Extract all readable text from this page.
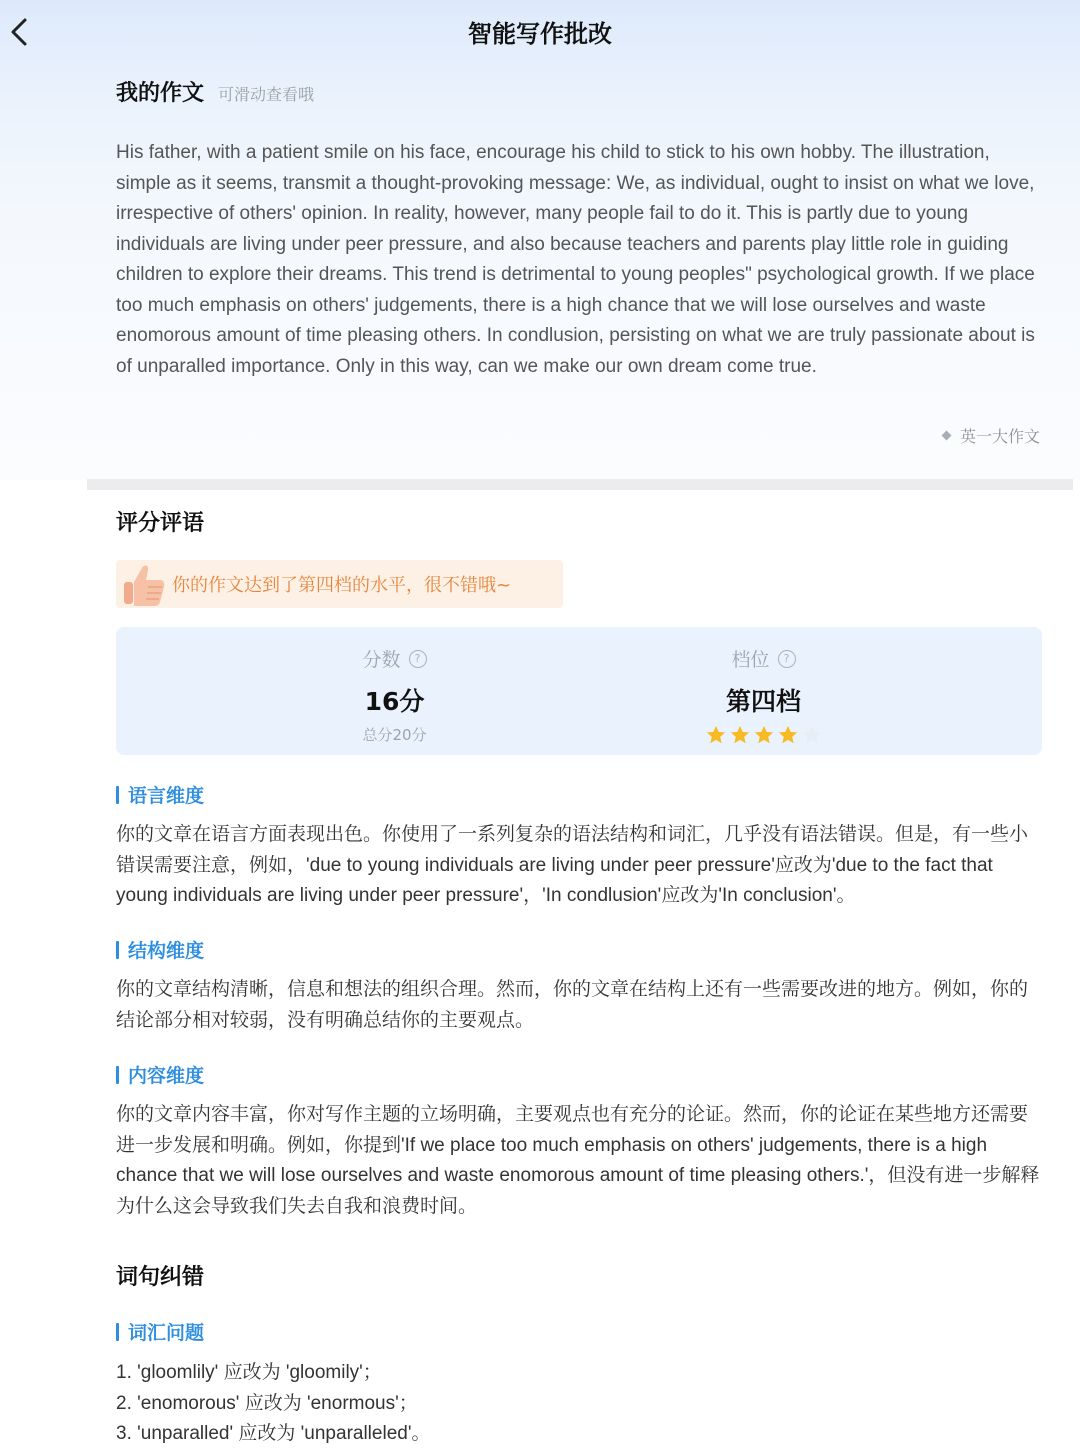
智能写作批改
我的作文 可滑动查看哦

His father, with a patient smile on his face, encourage his child to stick to his own hobby. The illustration, simple as it seems, transmit a thought-provoking message: We, as individual, ought to insist on what we love, irrespective of others' opinion. In reality, however, many people fail to do it. This is partly due to young individuals are living under peer pressure, and also because teachers and parents play little role in guiding children to explore their dreams. This trend is detrimental to young peoples" psychological growth. If we place too much emphasis on others' judgements, there is a high chance that we will lose ourselves and waste enomorous amount of time pleasing others. In condlusion, persisting on what we are truly passionate about is of unparalled importance. Only in this way, can we make our own dream come true.

英一大作文
评分评语
你的作文达到了第四档的水平，很不错哦~
分数	?
16分
总分20分
档位	?
第四档
语言维度

你的文章在语言方面表现出色。你使用了一系列复杂的语法结构和词汇，几乎没有语法错误。但是，有一些小错误需要注意，例如，'due to young individuals are living under peer pressure'应改为'due to the fact that young individuals are living under peer pressure'，'In condlusion'应改为'In conclusion'。

结构维度

你的文章结构清晰，信息和想法的组织合理。然而，你的文章在结构上还有一些需要改进的地方。例如，你的结论部分相对较弱，没有明确总结你的主要观点。

内容维度

你的文章内容丰富，你对写作主题的立场明确，主要观点也有充分的论证。然而，你的论证在某些地方还需要进一步发展和明确。例如，你提到'If we place too much emphasis on others' judgements, there is a high chance that we will lose ourselves and waste enomorous amount of time pleasing others.'，但没有进一步解释为什么这会导致我们失去自我和浪费时间。

词句纠错
词汇问题
1. 'gloomlily' 应改为 'gloomily'；
2. 'enomorous' 应改为 'enormous'；
3. 'unparalled' 应改为 'unparalleled'。
